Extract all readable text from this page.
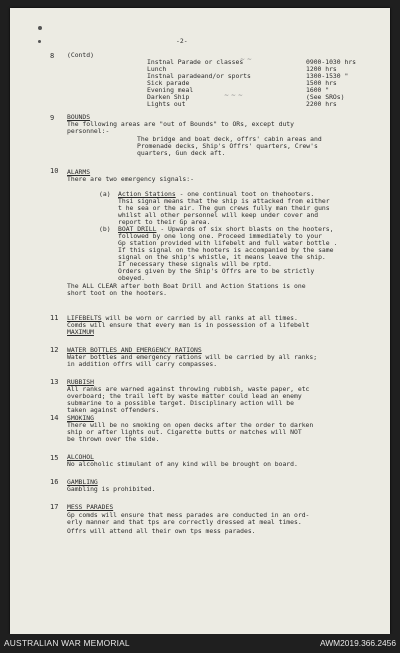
-2-
8 (Contd)
Instnal Parade or classes	0900-1030 hrs
Lunch	1200 hrs
Instnal paradeand/or sports	1300-1530 "
Sick parade	1500 hrs
Evening meal	1600 "
Darken Ship	(See SROs)
Lights out	2200 hrs
~ ~
~ ~ ~
9 BOUNDS
The following areas are "out of Bounds" to ORs, except duty
personnel:-
The bridge and boat deck, offrs' cabin areas and
Promenade decks, Ship's Offrs' quarters, Crew's
quarters, Gun deck aft.
10 ALARMS
There are two emergency signals:-
(a) Action Stations - one continual toot on thehooters.
Thsi signal means that the ship is attacked from either
t he sea or the air. The gun crews fully man their guns
whilst all other personnel will keep under cover and
report to their Gp area.
(b) BOAT DRILL - Upwards of six short blasts on the hooters,
followed by one long one. Proceed immediately to your
Gp station provided with lifebelt and full water bottle .
If this signal on the hooters is accompanied by the same
signal on the ship's whistle, it means leave the ship.
If necessary these signals will be rptd.
Orders given by the Ship's Offrs are to be strictly
obeyed.
The ALL CLEAR after both Boat Drill and Action Stations is one
short toot on the hooters.
11 LIFEBELTS will be worn or carried by all ranks at all times.
Comds will ensure that every man is in possession of a lifebelt
MAXIMUM
12 WATER BOTTLES AND EMERGENCY RATIONS
Water bottles and emergency rations will be carried by all ranks;
in addition offrs will carry compasses.
13 RUBBISH
All ranks are warned against throwing rubbish, waste paper, etc
overboard; the trail left by waste matter could lead an enemy
submarine to a possible target. Disciplinary action will be
taken against offenders.
14 SMOKING
There will be no smoking on open decks after the order to darken
ship or after lights out. Cigarette butts or matches will NOT
be thrown over the side.
15 ALCOHOL
No alcoholic stimulant of any kind will be brought on board.
16 GAMBLING
Gambling is prohibited.
17 MESS PARADES
Gp comds will ensure that mess parades are conducted in an ord-
erly manner and that tps are correctly dressed at meal times.
Offrs will attend all their own tps mess parades.
AUSTRALIAN WAR MEMORIAL	AWM2019.366.2456
